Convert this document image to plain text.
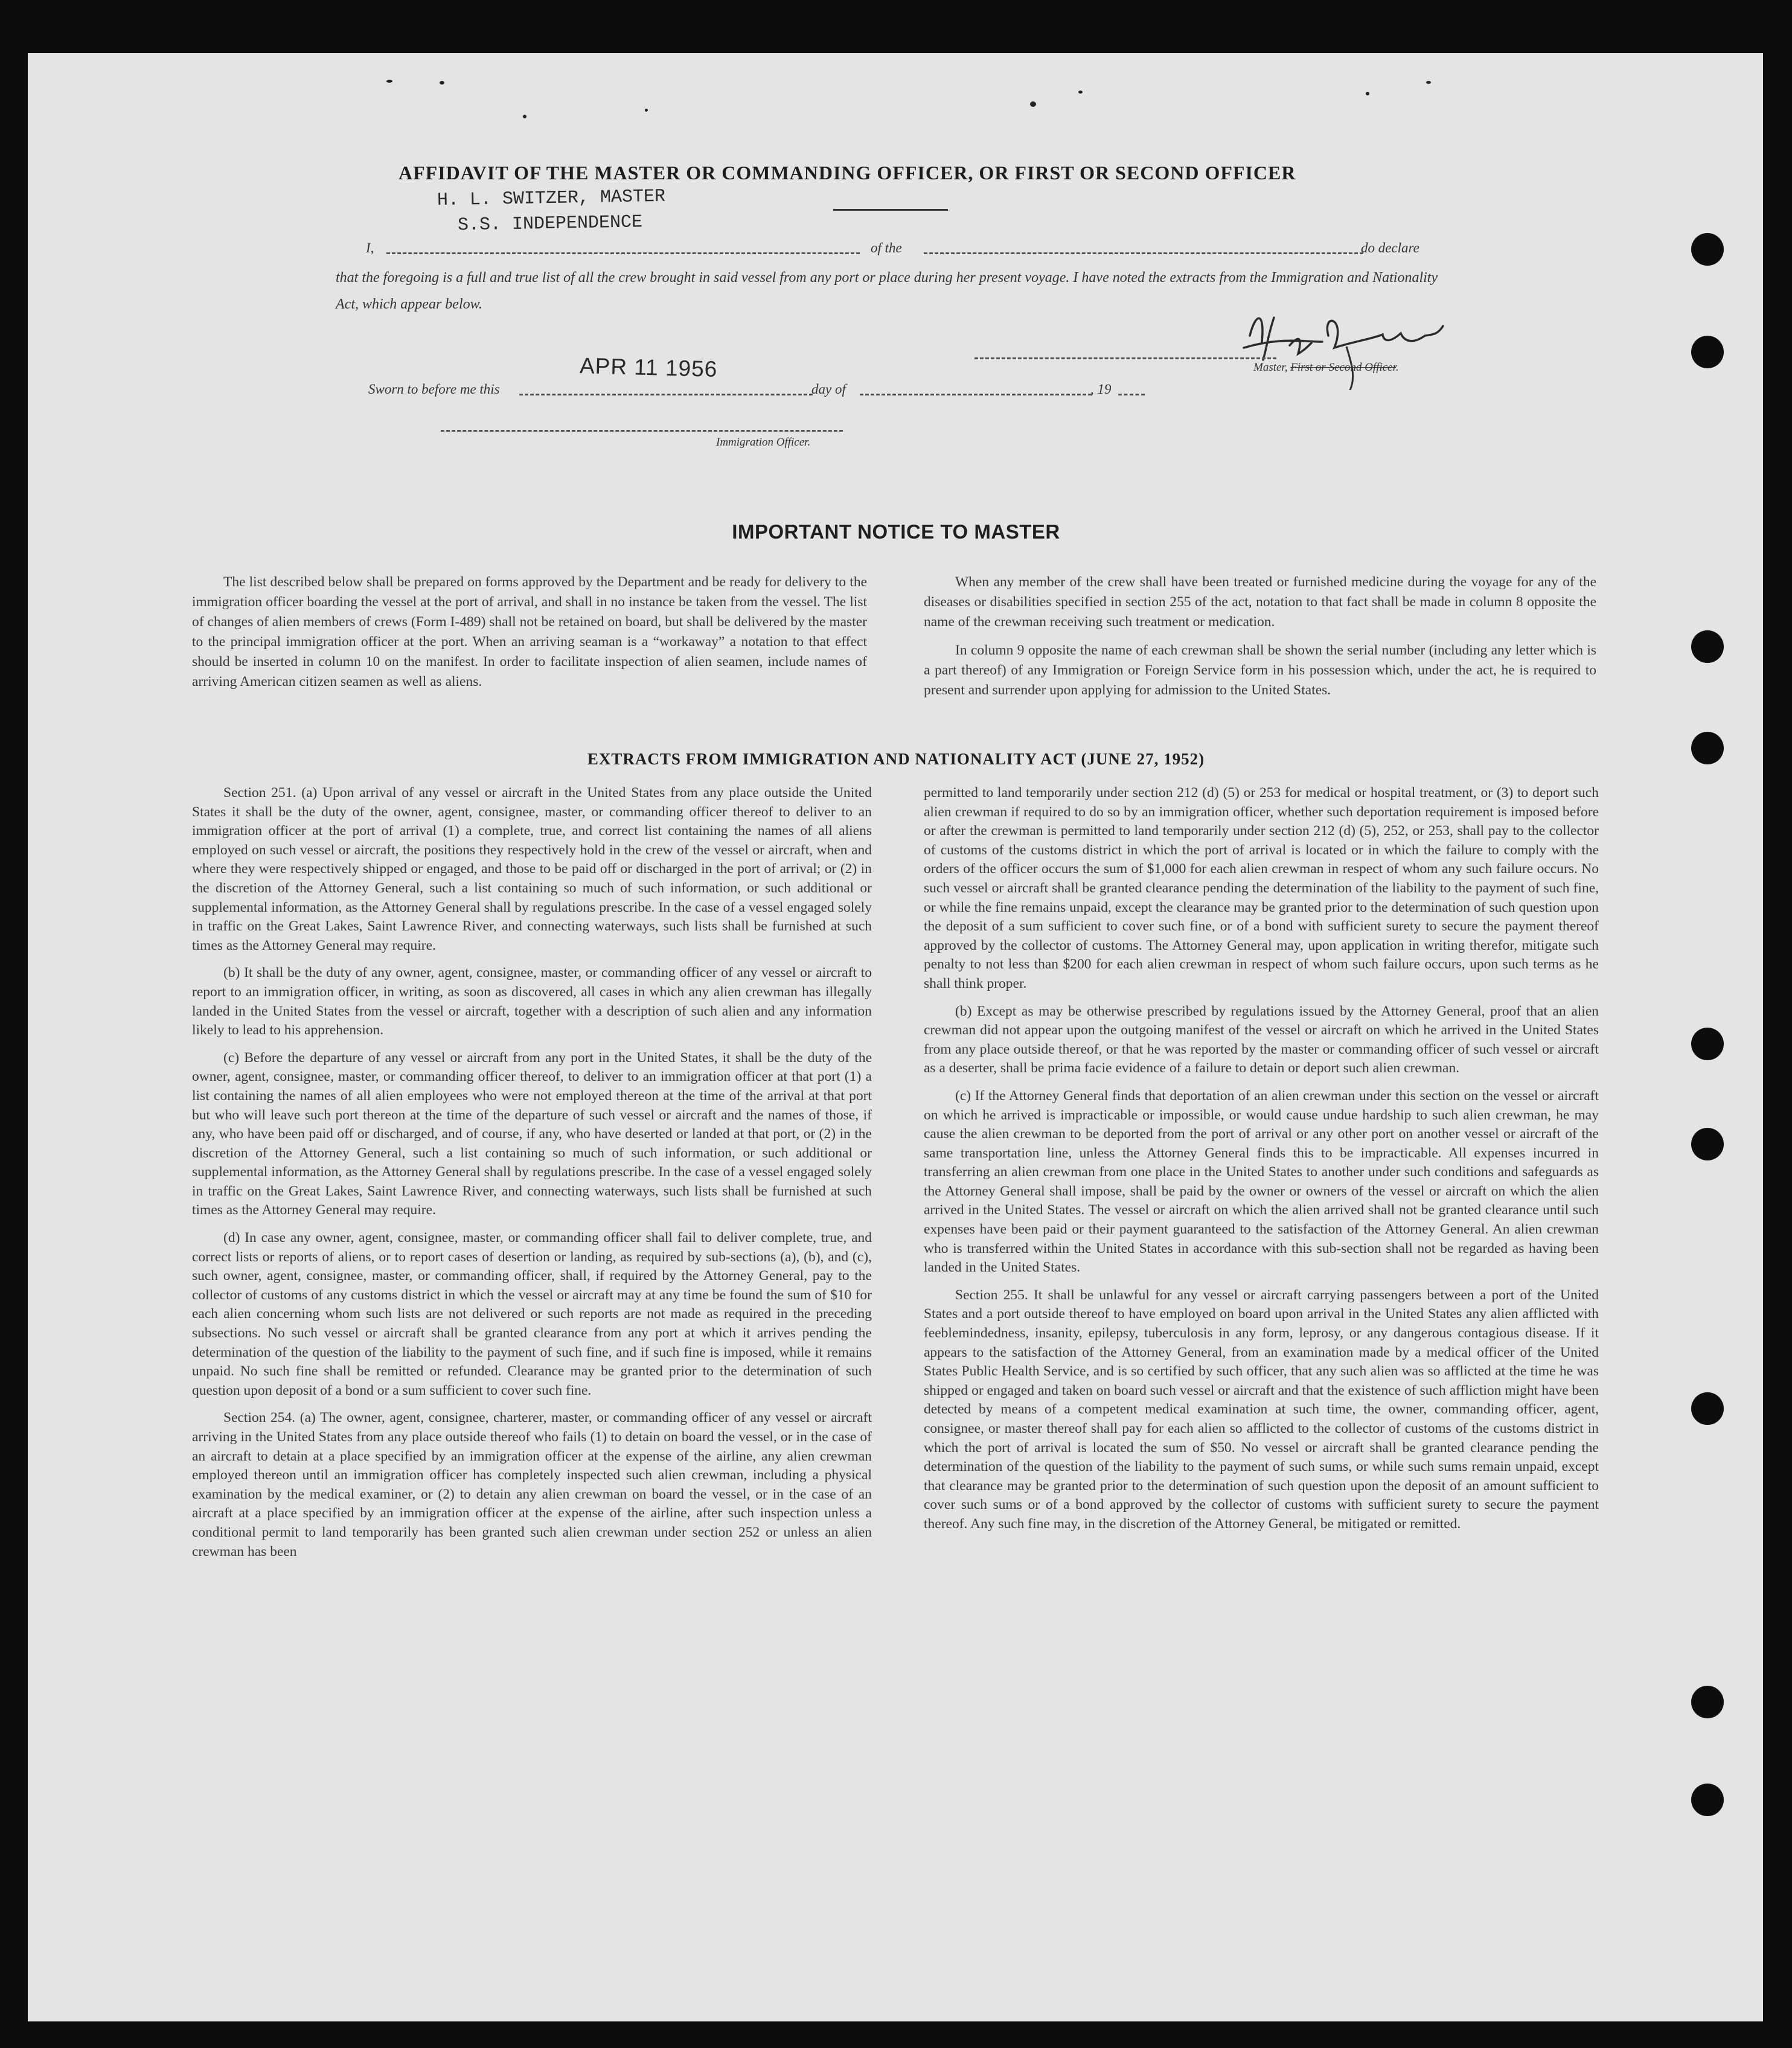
AFFIDAVIT OF THE MASTER OR COMMANDING OFFICER, OR FIRST OR SECOND OFFICER
H. L. SWITZER, MASTER
S.S. INDEPENDENCE
I,	of the	do declare

that the foregoing is a full and true list of all the crew brought in said vessel from any port or place during her present voyage. I have noted the extracts from the Immigration and Nationality Act, which appear below.

APR 11 1956	Master, First or Second Officer.
Sworn to before me this	day of	, 19
Immigration Officer.
IMPORTANT NOTICE TO MASTER

The list described below shall be prepared on forms approved by the Department and be ready for delivery to the immigration officer boarding the vessel at the port of arrival, and shall in no instance be taken from the vessel. The list of changes of alien members of crews (Form I-489) shall not be retained on board, but shall be delivered by the master to the principal immigration officer at the port. When an arriving seaman is a “workaway” a notation to that effect should be inserted in column 10 on the manifest. In order to facilitate inspection of alien seamen, include names of arriving American citizen seamen as well as aliens.

When any member of the crew shall have been treated or furnished medicine during the voyage for any of the diseases or disabilities specified in section 255 of the act, notation to that fact shall be made in column 8 opposite the name of the crewman receiving such treatment or medication.

In column 9 opposite the name of each crewman shall be shown the serial number (including any letter which is a part thereof) of any Immigration or Foreign Service form in his possession which, under the act, he is required to present and surrender upon applying for admission to the United States.

EXTRACTS FROM IMMIGRATION AND NATIONALITY ACT (JUNE 27, 1952)

Section 251. (a) Upon arrival of any vessel or aircraft in the United States from any place outside the United States it shall be the duty of the owner, agent, consignee, master, or commanding officer thereof to deliver to an immigration officer at the port of arrival (1) a complete, true, and correct list containing the names of all aliens employed on such vessel or aircraft, the positions they respectively hold in the crew of the vessel or aircraft, when and where they were respectively shipped or engaged, and those to be paid off or discharged in the port of arrival; or (2) in the discretion of the Attorney General, such a list containing so much of such information, or such additional or supplemental information, as the Attorney General shall by regulations prescribe. In the case of a vessel engaged solely in traffic on the Great Lakes, Saint Lawrence River, and connecting waterways, such lists shall be furnished at such times as the Attorney General may require.

(b) It shall be the duty of any owner, agent, consignee, master, or commanding officer of any vessel or aircraft to report to an immigration officer, in writing, as soon as discovered, all cases in which any alien crewman has illegally landed in the United States from the vessel or aircraft, together with a description of such alien and any information likely to lead to his apprehension.

(c) Before the departure of any vessel or aircraft from any port in the United States, it shall be the duty of the owner, agent, consignee, master, or commanding officer thereof, to deliver to an immigration officer at that port (1) a list containing the names of all alien employees who were not employed thereon at the time of the arrival at that port but who will leave such port thereon at the time of the departure of such vessel or aircraft and the names of those, if any, who have been paid off or discharged, and of course, if any, who have deserted or landed at that port, or (2) in the discretion of the Attorney General, such a list containing so much of such information, or such additional or supplemental information, as the Attorney General shall by regulations prescribe. In the case of a vessel engaged solely in traffic on the Great Lakes, Saint Lawrence River, and connecting waterways, such lists shall be furnished at such times as the Attorney General may require.

(d) In case any owner, agent, consignee, master, or commanding officer shall fail to deliver complete, true, and correct lists or reports of aliens, or to report cases of desertion or landing, as required by sub-sections (a), (b), and (c), such owner, agent, consignee, master, or commanding officer, shall, if required by the Attorney General, pay to the collector of customs of any customs district in which the vessel or aircraft may at any time be found the sum of $10 for each alien concerning whom such lists are not delivered or such reports are not made as required in the preceding subsections. No such vessel or aircraft shall be granted clearance from any port at which it arrives pending the determination of the question of the liability to the payment of such fine, and if such fine is imposed, while it remains unpaid. No such fine shall be remitted or refunded. Clearance may be granted prior to the determination of such question upon deposit of a bond or a sum sufficient to cover such fine.

Section 254. (a) The owner, agent, consignee, charterer, master, or commanding officer of any vessel or aircraft arriving in the United States from any place outside thereof who fails (1) to detain on board the vessel, or in the case of an aircraft to detain at a place specified by an immigration officer at the expense of the airline, any alien crewman employed thereon until an immigration officer has completely inspected such alien crewman, including a physical examination by the medical examiner, or (2) to detain any alien crewman on board the vessel, or in the case of an aircraft at a place specified by an immigration officer at the expense of the airline, after such inspection unless a conditional permit to land temporarily has been granted such alien crewman under section 252 or unless an alien crewman has been

permitted to land temporarily under section 212 (d) (5) or 253 for medical or hospital treatment, or (3) to deport such alien crewman if required to do so by an immigration officer, whether such deportation requirement is imposed before or after the crewman is permitted to land temporarily under section 212 (d) (5), 252, or 253, shall pay to the collector of customs of the customs district in which the port of arrival is located or in which the failure to comply with the orders of the officer occurs the sum of $1,000 for each alien crewman in respect of whom any such failure occurs. No such vessel or aircraft shall be granted clearance pending the determination of the liability to the payment of such fine, or while the fine remains unpaid, except the clearance may be granted prior to the determination of such question upon the deposit of a sum sufficient to cover such fine, or of a bond with sufficient surety to secure the payment thereof approved by the collector of customs. The Attorney General may, upon application in writing therefor, mitigate such penalty to not less than $200 for each alien crewman in respect of whom such failure occurs, upon such terms as he shall think proper.

(b) Except as may be otherwise prescribed by regulations issued by the Attorney General, proof that an alien crewman did not appear upon the outgoing manifest of the vessel or aircraft on which he arrived in the United States from any place outside thereof, or that he was reported by the master or commanding officer of such vessel or aircraft as a deserter, shall be prima facie evidence of a failure to detain or deport such alien crewman.

(c) If the Attorney General finds that deportation of an alien crewman under this section on the vessel or aircraft on which he arrived is impracticable or impossible, or would cause undue hardship to such alien crewman, he may cause the alien crewman to be deported from the port of arrival or any other port on another vessel or aircraft of the same transportation line, unless the Attorney General finds this to be impracticable. All expenses incurred in transferring an alien crewman from one place in the United States to another under such conditions and safeguards as the Attorney General shall impose, shall be paid by the owner or owners of the vessel or aircraft on which the alien arrived in the United States. The vessel or aircraft on which the alien arrived shall not be granted clearance until such expenses have been paid or their payment guaranteed to the satisfaction of the Attorney General. An alien crewman who is transferred within the United States in accordance with this sub-section shall not be regarded as having been landed in the United States.

Section 255. It shall be unlawful for any vessel or aircraft carrying passengers between a port of the United States and a port outside thereof to have employed on board upon arrival in the United States any alien afflicted with feeblemindedness, insanity, epilepsy, tuberculosis in any form, leprosy, or any dangerous contagious disease. If it appears to the satisfaction of the Attorney General, from an examination made by a medical officer of the United States Public Health Service, and is so certified by such officer, that any such alien was so afflicted at the time he was shipped or engaged and taken on board such vessel or aircraft and that the existence of such affliction might have been detected by means of a competent medical examination at such time, the owner, commanding officer, agent, consignee, or master thereof shall pay for each alien so afflicted to the collector of customs of the customs district in which the port of arrival is located the sum of $50. No vessel or aircraft shall be granted clearance pending the determination of the question of the liability to the payment of such sums, or while such sums remain unpaid, except that clearance may be granted prior to the determination of such question upon the deposit of an amount sufficient to cover such sums or of a bond approved by the collector of customs with sufficient surety to secure the payment thereof. Any such fine may, in the discretion of the Attorney General, be mitigated or remitted.
